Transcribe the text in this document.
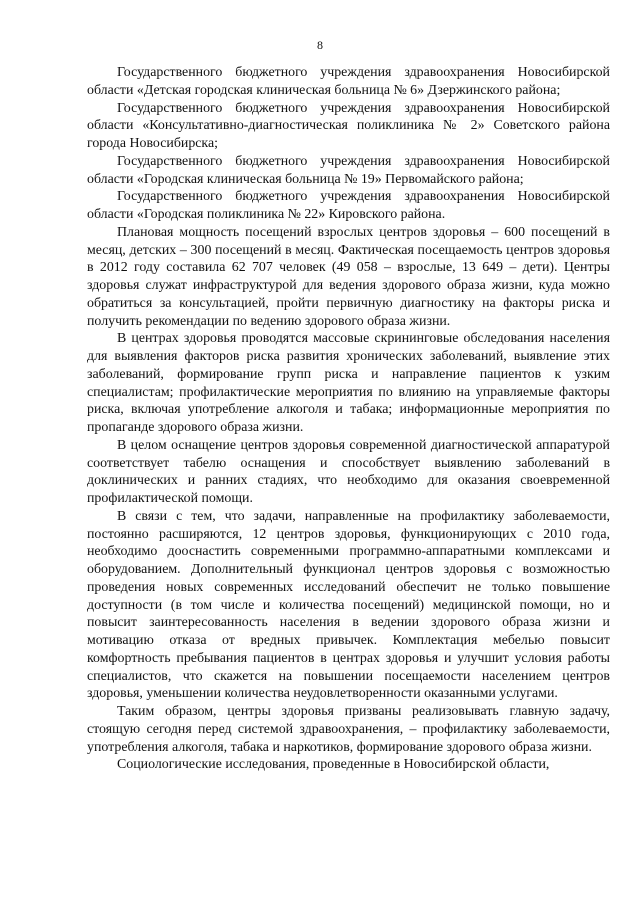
8

Государственного бюджетного учреждения здравоохранения Новосибирской области «Детская городская клиническая больница № 6» Дзержинского района;

Государственного бюджетного учреждения здравоохранения Новосибирской области «Консультативно-диагностическая поликлиника № 2» Советского района города Новосибирска;

Государственного бюджетного учреждения здравоохранения Новосибирской области «Городская клиническая больница № 19» Первомайского района;

Государственного бюджетного учреждения здравоохранения Новосибирской области «Городская поликлиника № 22» Кировского района.

Плановая мощность посещений взрослых центров здоровья – 600 посещений в месяц, детских – 300 посещений в месяц. Фактическая посещаемость центров здоровья в 2012 году составила 62 707 человек (49 058 – взрослые, 13 649 – дети). Центры здоровья служат инфраструктурой для ведения здорового образа жизни, куда можно обратиться за консультацией, пройти первичную диагностику на факторы риска и получить рекомендации по ведению здорового образа жизни.

В центрах здоровья проводятся массовые скрининговые обследования населения для выявления факторов риска развития хронических заболеваний, выявление этих заболеваний, формирование групп риска и направление пациентов к узким специалистам; профилактические мероприятия по влиянию на управляемые факторы риска, включая употребление алкоголя и табака; информационные мероприятия по пропаганде здорового образа жизни.

В целом оснащение центров здоровья современной диагностической аппаратурой соответствует табелю оснащения и способствует выявлению заболеваний в доклинических и ранних стадиях, что необходимо для оказания своевременной профилактической помощи.

В связи с тем, что задачи, направленные на профилактику заболеваемости, постоянно расширяются, 12 центров здоровья, функционирующих с 2010 года, необходимо дооснастить современными программно-аппаратными комплексами и оборудованием. Дополнительный функционал центров здоровья с возможностью проведения новых современных исследований обеспечит не только повышение доступности (в том числе и количества посещений) медицинской помощи, но и повысит заинтересованность населения в ведении здорового образа жизни и мотивацию отказа от вредных привычек. Комплектация мебелью повысит комфортность пребывания пациентов в центрах здоровья и улучшит условия работы специалистов, что скажется на повышении посещаемости населением центров здоровья, уменьшении количества неудовлетворенности оказанными услугами.

Таким образом, центры здоровья призваны реализовывать главную задачу, стоящую сегодня перед системой здравоохранения, – профилактику заболеваемости, употребления алкоголя, табака и наркотиков, формирование здорового образа жизни.

Социологические исследования, проведенные в Новосибирской области,
